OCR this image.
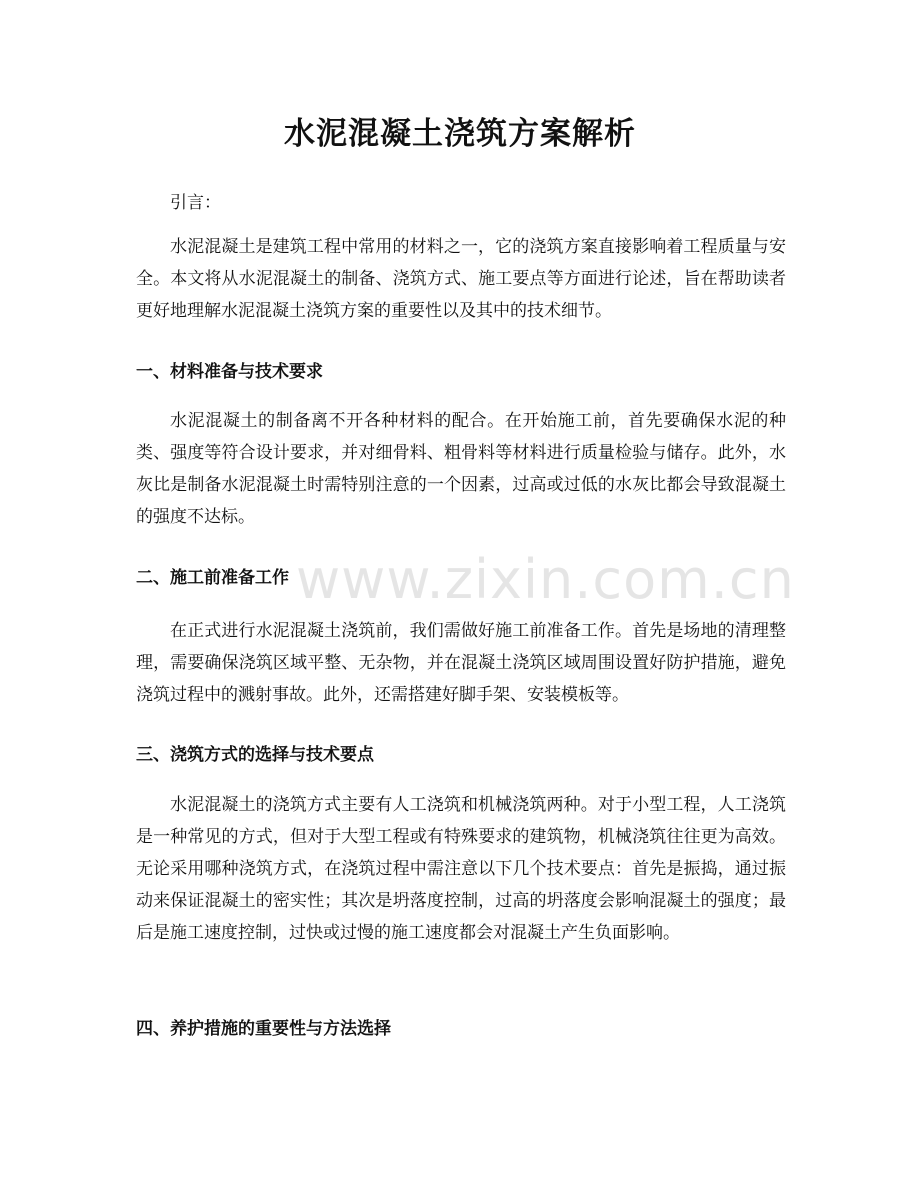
水泥混凝土浇筑方案解析

引言：

水泥混凝土是建筑工程中常用的材料之一，它的浇筑方案直接影响着工程质量与安全。本文将从水泥混凝土的制备、浇筑方式、施工要点等方面进行论述，旨在帮助读者更好地理解水泥混凝土浇筑方案的重要性以及其中的技术细节。

一、材料准备与技术要求

水泥混凝土的制备离不开各种材料的配合。在开始施工前，首先要确保水泥的种类、强度等符合设计要求，并对细骨料、粗骨料等材料进行质量检验与储存。此外，水灰比是制备水泥混凝土时需特别注意的一个因素，过高或过低的水灰比都会导致混凝土的强度不达标。

二、施工前准备工作

在正式进行水泥混凝土浇筑前，我们需做好施工前准备工作。首先是场地的清理整理，需要确保浇筑区域平整、无杂物，并在混凝土浇筑区域周围设置好防护措施，避免浇筑过程中的溅射事故。此外，还需搭建好脚手架、安装模板等。

三、浇筑方式的选择与技术要点

水泥混凝土的浇筑方式主要有人工浇筑和机械浇筑两种。对于小型工程，人工浇筑是一种常见的方式，但对于大型工程或有特殊要求的建筑物，机械浇筑往往更为高效。无论采用哪种浇筑方式，在浇筑过程中需注意以下几个技术要点：首先是振捣，通过振动来保证混凝土的密实性；其次是坍落度控制，过高的坍落度会影响混凝土的强度；最后是施工速度控制，过快或过慢的施工速度都会对混凝土产生负面影响。

四、养护措施的重要性与方法选择
www.zixin.com.cn
